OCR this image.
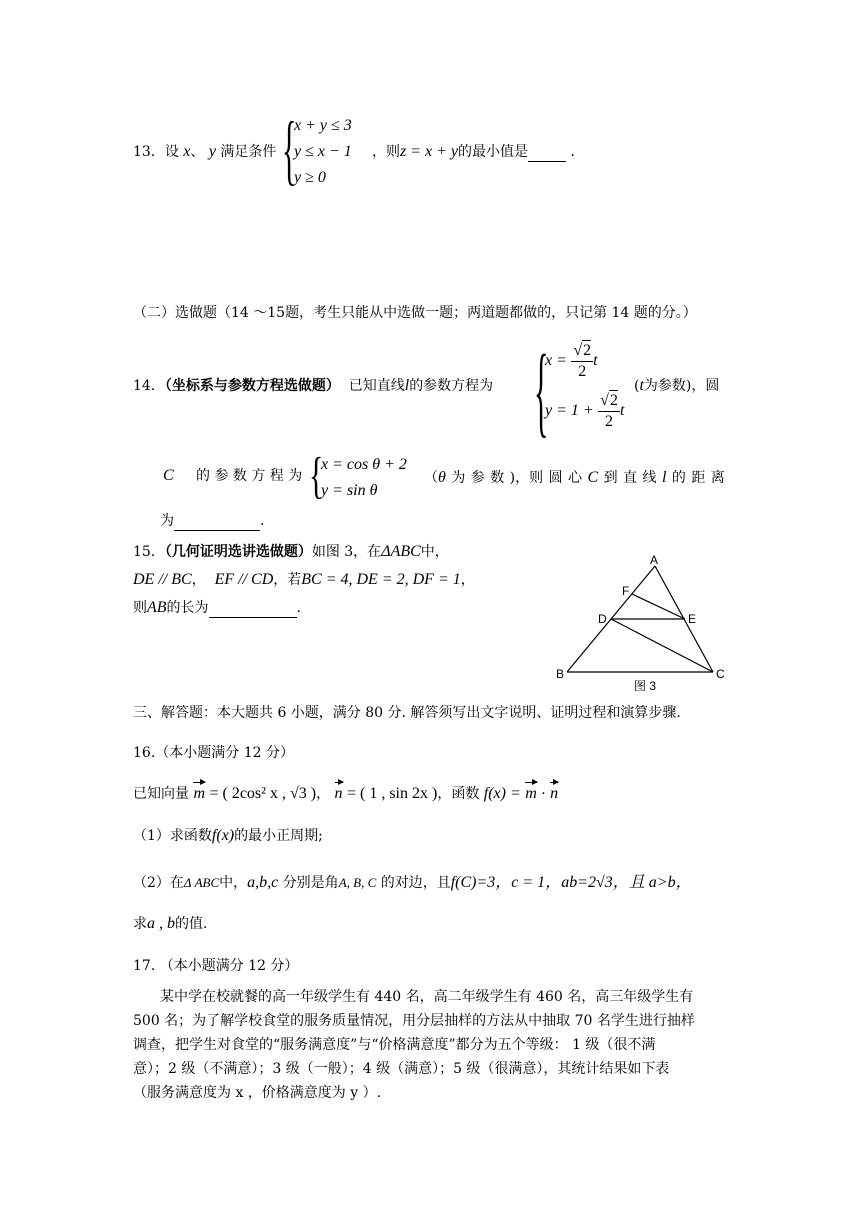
13．设 x、 y 满足条件 {
x + y ≤ 3
y ≤ x − 1
y ≥ 0
，则z = x + y的最小值是	．
（二）选做题（14 ～15题，考生只能从中选做一题；两道题都做的，只记第 14 题的分。）
14．（坐标系与参数方程选做题） 已知直线l的参数方程为 {
$x = \frac{√2}{2}$ t
$y = 1 + \frac{√2}{2}$ t
(t为参数)，圆
C 的 参 数 方 程 为 {
x = cos θ + 2
y = sin θ
（θ 为 参 数 )，则 圆 心 C 到 直 线 l 的 距 离
为	.
15．（几何证明选讲选做题）如图 3，在ΔABC中，
DE // BC， EF // CD，若BC = 4, DE = 2, DF = 1，
则AB的长为	.
A
F
D	E
B	C
图 3
三、解答题：本大题共 6 小题，满分 80 分. 解答须写出文字说明、证明过程和演算步骤.
16.（本小题满分 12 分）
已知向量 m = ( 2cos² x , √3 )， n = ( 1 , sin 2x )，函数 f(x) = m · n
（1）求函数f(x)的最小正周期;
（2）在Δ ABC中，a,b,c 分别是角A, B, C 的对边，且f(C)=3，c = 1，ab=2√3，且 a>b，
求a , b的值．
17. （本小题满分 12 分）
某中学在校就餐的高一年级学生有 440 名，高二年级学生有 460 名，高三年级学生有
500 名；为了解学校食堂的服务质量情况，用分层抽样的方法从中抽取 70 名学生进行抽样
调查，把学生对食堂的“服务满意度”与“价格满意度”都分为五个等级： 1 级（很不满
意）；2 级（不满意）；3 级（一般）；4 级（满意）；5 级（很满意），其统计结果如下表
（服务满意度为 x ，价格满意度为 y ）.
